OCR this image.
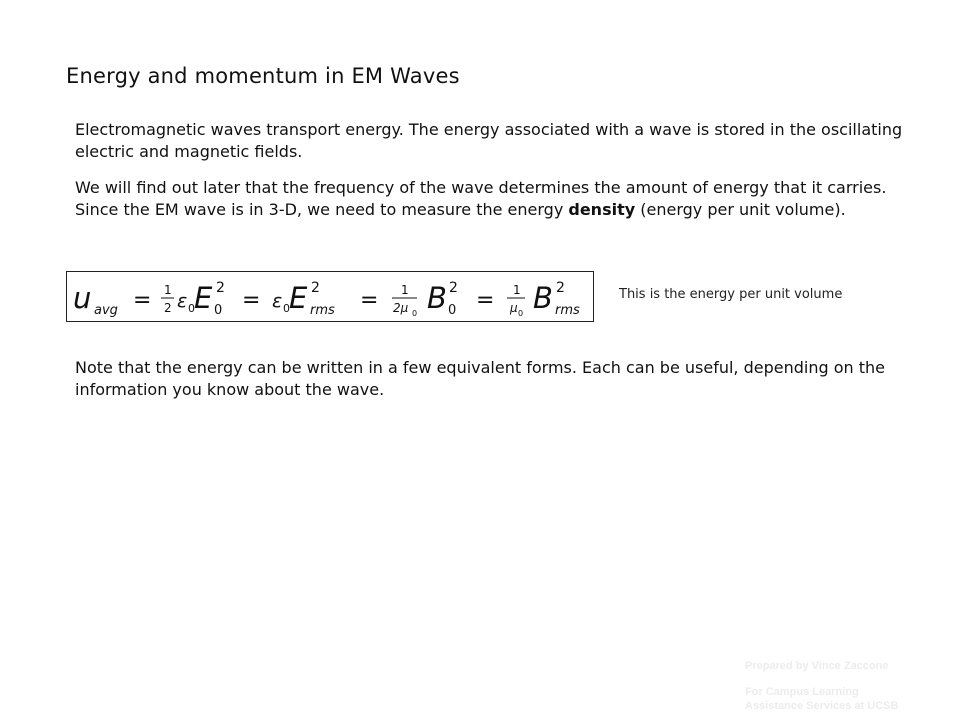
Energy and momentum in EM Waves
Electromagnetic waves transport energy. The energy associated with a wave is stored in the oscillating electric and magnetic fields.
We will find out later that the frequency of the wave determines the amount of energy that it carries. Since the EM wave is in 3-D, we need to measure the energy density (energy per unit volume).
u avg = 1
2 ε 0 E 2
0 = ε 0 E 2
rms = 1
2μ 0 B 2
0 = 1
μ 0 B 2
rms
This is the energy per unit volume
Note that the energy can be written in a few equivalent forms. Each can be useful, depending on the information you know about the wave.
Prepared by Vince Zaccone
For Campus Learning
Assistance Services at UCSB
